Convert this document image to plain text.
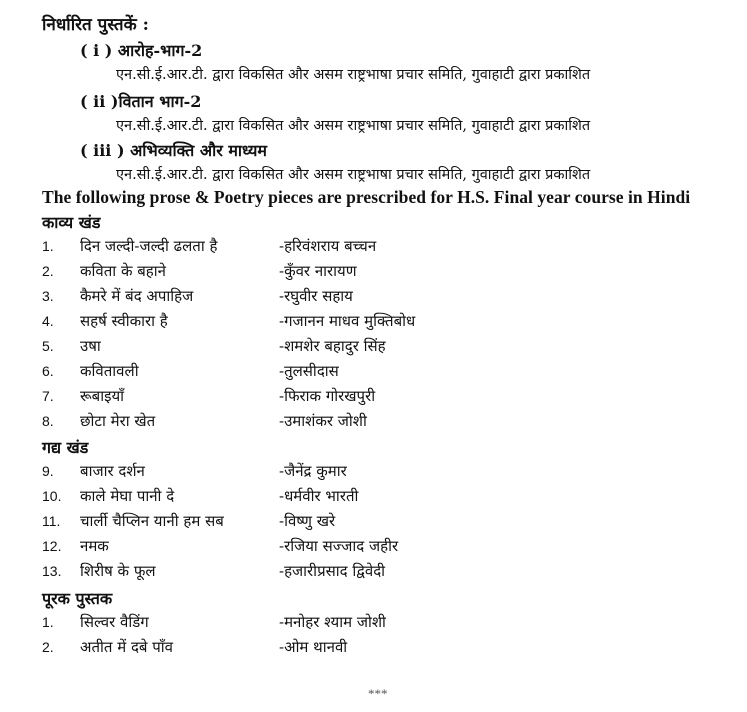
निर्धारित पुस्तकें :
( i ) आरोह-भाग-2
एन.सी.ई.आर.टी. द्वारा विकसित और असम राष्ट्रभाषा प्रचार समिति, गुवाहाटी द्वारा प्रकाशित
( ii )वितान भाग-2
एन.सी.ई.आर.टी. द्वारा विकसित और असम राष्ट्रभाषा प्रचार समिति, गुवाहाटी द्वारा प्रकाशित
( iii ) अभिव्यक्ति और माध्यम
एन.सी.ई.आर.टी. द्वारा विकसित और असम राष्ट्रभाषा प्रचार समिति, गुवाहाटी द्वारा प्रकाशित
The following prose & Poetry pieces are prescribed for H.S. Final year course in Hindi
काव्य खंड
1. दिन जल्दी-जल्दी ढलता है	-हरिवंशराय बच्चन
2. कविता के बहाने	-कुँवर नारायण
3. कैमरे में बंद अपाहिज	-रघुवीर सहाय
4. सहर्ष स्वीकारा है	-गजानन माधव मुक्तिबोध
5. उषा	-शमशेर बहादुर सिंह
6. कवितावली	-तुलसीदास
7. रूबाइयाँ	-फिराक गोरखपुरी
8. छोटा मेरा खेत	-उमाशंकर जोशी
गद्य खंड
9. बाजार दर्शन	-जैनेंद्र कुमार
10. काले मेघा पानी दे	-धर्मवीर भारती
11. चार्ली चैप्लिन यानी हम सब	-विष्णु खरे
12. नमक	-रजिया सज्जाद जहीर
13. शिरीष के फूल	-हजारीप्रसाद द्विवेदी
पूरक पुस्तक
1. सिल्वर वैडिंग	-मनोहर श्याम जोशी
2. अतीत में दबे पाँव	-ओम थानवी
***
